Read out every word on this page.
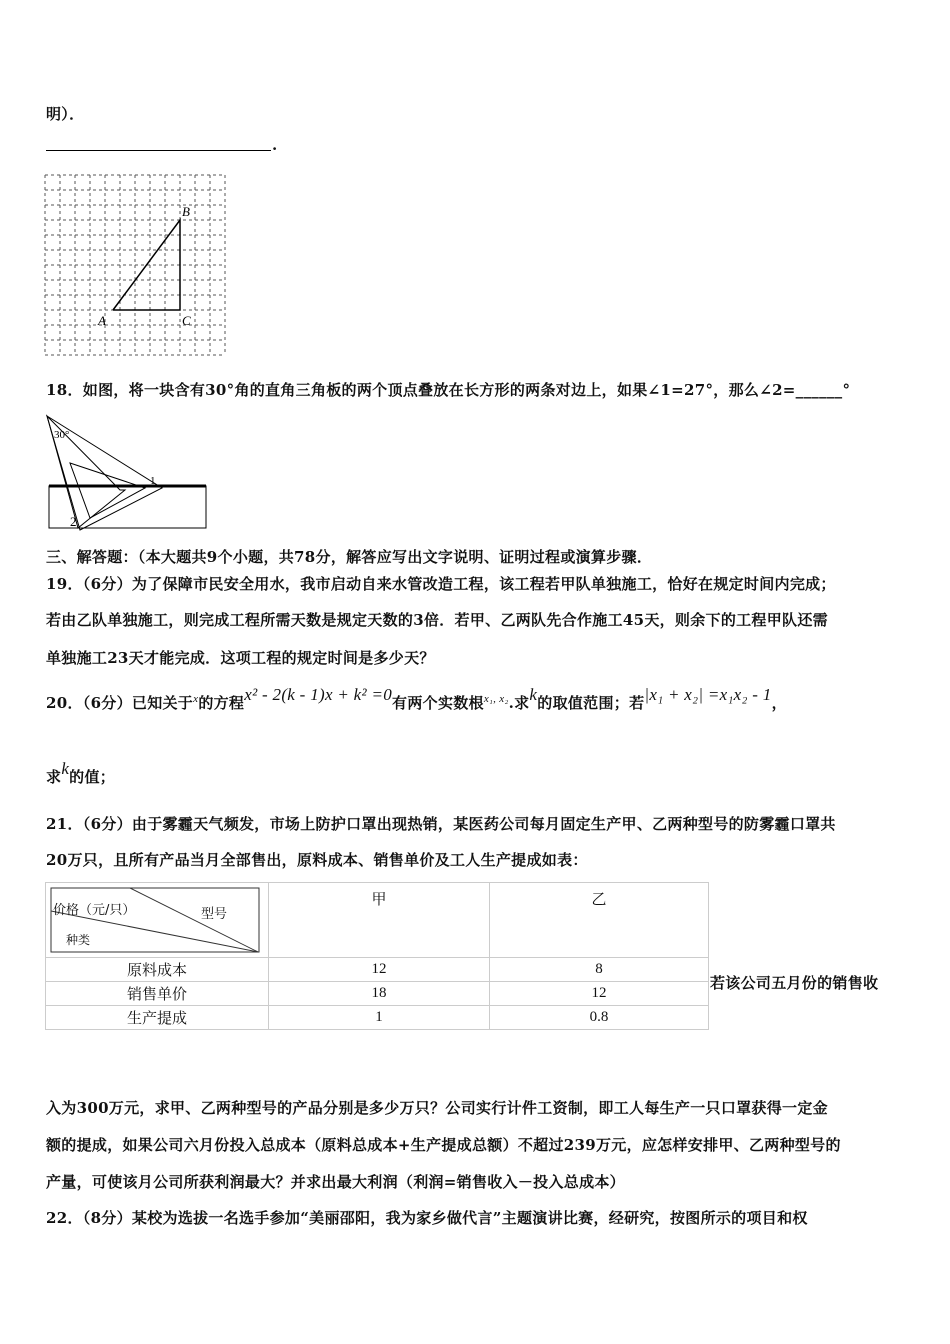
明）．
.
A
B
C
18．如图，将一块含有30°角的直角三角板的两个顶点叠放在长方形的两条对边上，如果∠1=27°，那么∠2=______°
30°
1
2
三、解答题：（本大题共9个小题，共78分，解答应写出文字说明、证明过程或演算步骤．
19．（6分）为了保障市民安全用水，我市启动自来水管改造工程，该工程若甲队单独施工，恰好在规定时间内完成；
若由乙队单独施工，则完成工程所需天数是规定天数的3倍．若甲、乙两队先合作施工45天，则余下的工程甲队还需
单独施工23天才能完成．这项工程的规定时间是多少天？
20．（6分）已知关于$^x$的方程x² - 2(k - 1)x + k² =0有两个实数根$^{x_1, x_2}$.求k的取值范围；若|x₁ + x₂| =x₁x₂ - 1，
求k的值；
21．（6分）由于雾霾天气频发，市场上防护口罩出现热销，某医药公司每月固定生产甲、乙两种型号的防雾霾口罩共
20万只，且所有产品当月全部售出，原料成本、销售单价及工人生产提成如表：
价格（元/只） 型号
种类	甲	乙
原料成本	12	8
销售单价	18	12
生产提成	1	0.8
若该公司五月份的销售收
入为300万元，求甲、乙两种型号的产品分别是多少万只？公司实行计件工资制，即工人每生产一只口罩获得一定金
额的提成，如果公司六月份投入总成本（原料总成本+生产提成总额）不超过239万元，应怎样安排甲、乙两种型号的
产量，可使该月公司所获利润最大？并求出最大利润（利润=销售收入－投入总成本）
22．（8分）某校为选拔一名选手参加“美丽邵阳，我为家乡做代言”主题演讲比赛，经研究，按图所示的项目和权
